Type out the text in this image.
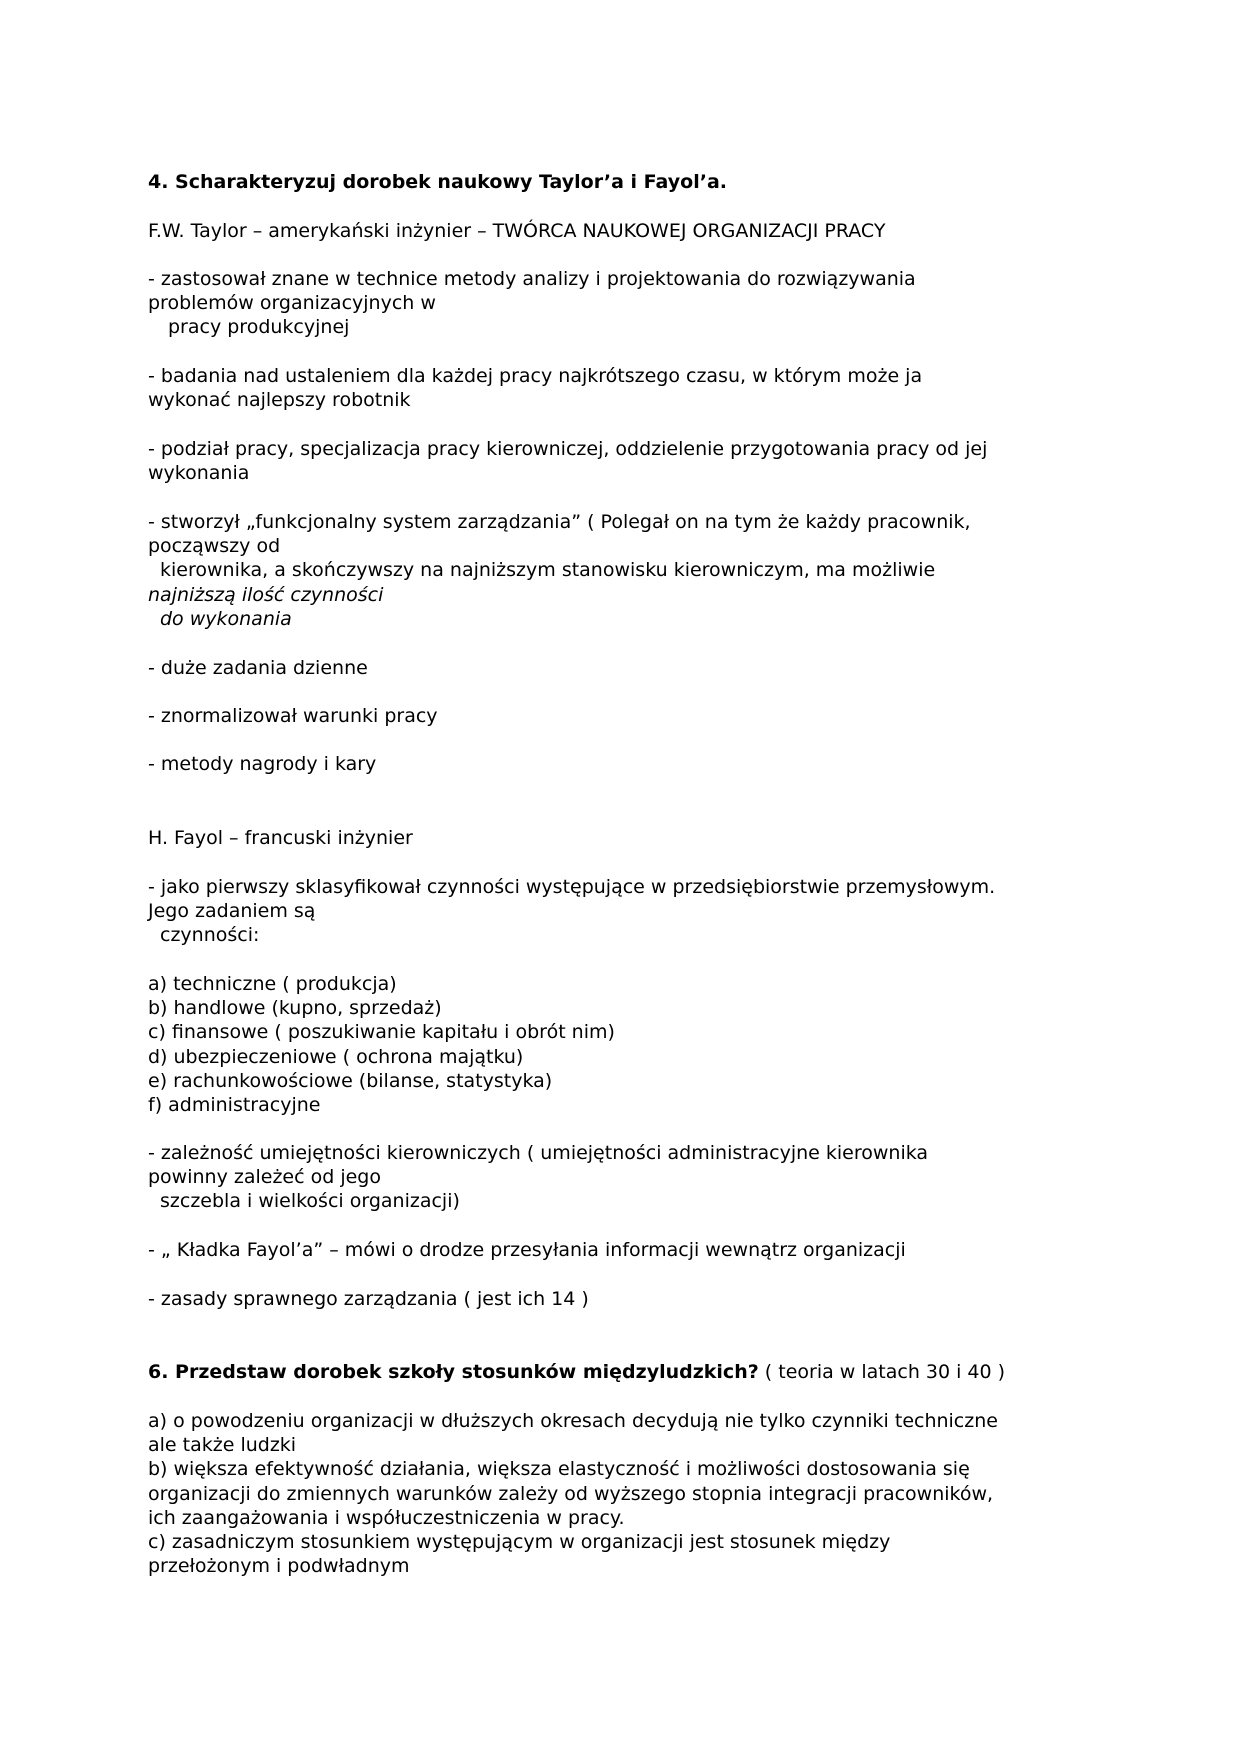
4. Scharakteryzuj dorobek naukowy Taylor’a i Fayol’a.
F.W. Taylor – amerykański inżynier – TWÓRCA NAUKOWEJ ORGANIZACJI PRACY
- zastosował znane w technice metody analizy i projektowania do rozwiązywania
problemów organizacyjnych w
pracy produkcyjnej
- badania nad ustaleniem dla każdej pracy najkrótszego czasu, w którym może ja
wykonać najlepszy robotnik
- podział pracy, specjalizacja pracy kierowniczej, oddzielenie przygotowania pracy od jej
wykonania
- stworzył „funkcjonalny system zarządzania” ( Polegał on na tym że każdy pracownik,
począwszy od
kierownika, a skończywszy na najniższym stanowisku kierowniczym, ma możliwie
najniższą ilość czynności
do wykonania
- duże zadania dzienne
- znormalizował warunki pracy
- metody nagrody i kary
H. Fayol – francuski inżynier
- jako pierwszy sklasyfikował czynności występujące w przedsiębiorstwie przemysłowym.
Jego zadaniem są
czynności:
a) techniczne ( produkcja)
b) handlowe (kupno, sprzedaż)
c) finansowe ( poszukiwanie kapitału i obrót nim)
d) ubezpieczeniowe ( ochrona majątku)
e) rachunkowościowe (bilanse, statystyka)
f) administracyjne
- zależność umiejętności kierowniczych ( umiejętności administracyjne kierownika
powinny zależeć od jego
szczebla i wielkości organizacji)
- „ Kładka Fayol’a” – mówi o drodze przesyłania informacji wewnątrz organizacji
- zasady sprawnego zarządzania ( jest ich 14 )
6. Przedstaw dorobek szkoły stosunków międzyludzkich? ( teoria w latach 30 i 40 )
a) o powodzeniu organizacji w dłuższych okresach decydują nie tylko czynniki techniczne
ale także ludzki
b) większa efektywność działania, większa elastyczność i możliwości dostosowania się
organizacji do zmiennych warunków zależy od wyższego stopnia integracji pracowników,
ich zaangażowania i współuczestniczenia w pracy.
c) zasadniczym stosunkiem występującym w organizacji jest stosunek między
przełożonym i podwładnym
